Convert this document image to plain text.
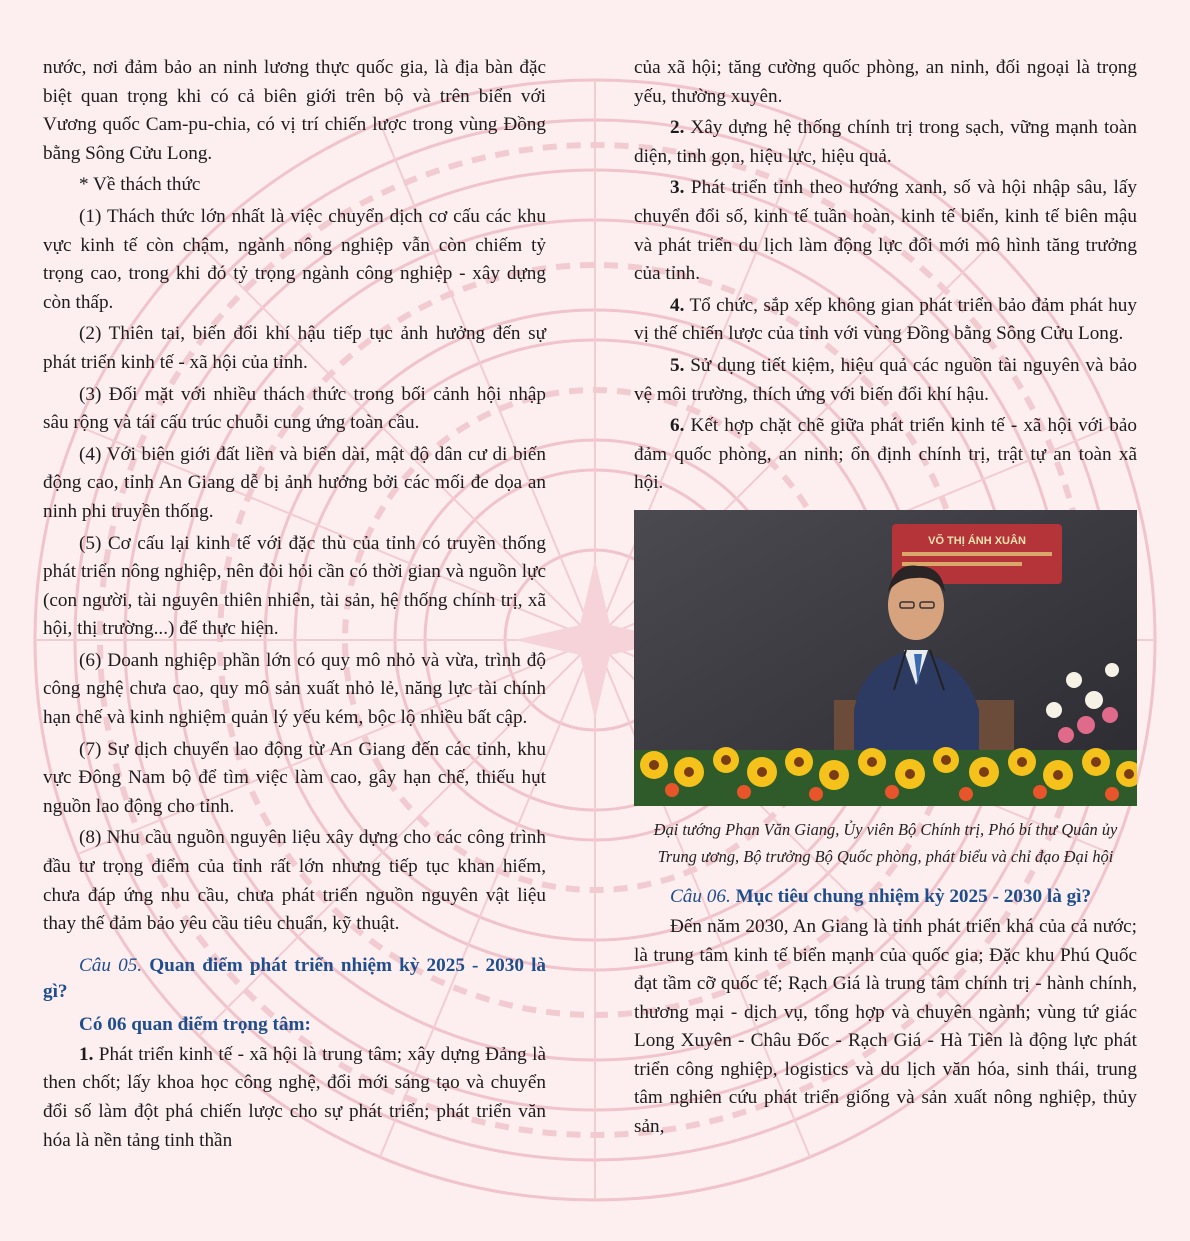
nước, nơi đảm bảo an ninh lương thực quốc gia, là địa bàn đặc biệt quan trọng khi có cả biên giới trên bộ và trên biển với Vương quốc Cam-pu-chia, có vị trí chiến lược trong vùng Đồng bằng Sông Cửu Long.

* Về thách thức

(1) Thách thức lớn nhất là việc chuyển dịch cơ cấu các khu vực kinh tế còn chậm, ngành nông nghiệp vẫn còn chiếm tỷ trọng cao, trong khi đó tỷ trọng ngành công nghiệp - xây dựng còn thấp.

(2) Thiên tai, biến đổi khí hậu tiếp tục ảnh hưởng đến sự phát triển kinh tế - xã hội của tỉnh.

(3) Đối mặt với nhiều thách thức trong bối cảnh hội nhập sâu rộng và tái cấu trúc chuỗi cung ứng toàn cầu.

(4) Với biên giới đất liền và biển dài, mật độ dân cư di biến động cao, tỉnh An Giang dễ bị ảnh hưởng bởi các mối đe dọa an ninh phi truyền thống.

(5) Cơ cấu lại kinh tế với đặc thù của tỉnh có truyền thống phát triển nông nghiệp, nên đòi hỏi cần có thời gian và nguồn lực (con người, tài nguyên thiên nhiên, tài sản, hệ thống chính trị, xã hội, thị trường...) để thực hiện.

(6) Doanh nghiệp phần lớn có quy mô nhỏ và vừa, trình độ công nghệ chưa cao, quy mô sản xuất nhỏ lẻ, năng lực tài chính hạn chế và kinh nghiệm quản lý yếu kém, bộc lộ nhiều bất cập.

(7) Sự dịch chuyển lao động từ An Giang đến các tỉnh, khu vực Đông Nam bộ để tìm việc làm cao, gây hạn chế, thiếu hụt nguồn lao động cho tỉnh.

(8) Nhu cầu nguồn nguyên liệu xây dựng cho các công trình đầu tư trọng điểm của tỉnh rất lớn nhưng tiếp tục khan hiếm, chưa đáp ứng nhu cầu, chưa phát triển nguồn nguyên vật liệu thay thế đảm bảo yêu cầu tiêu chuẩn, kỹ thuật.

Câu 05. Quan điểm phát triển nhiệm kỳ 2025 - 2030 là gì?

Có 06 quan điểm trọng tâm:

1. Phát triển kinh tế - xã hội là trung tâm; xây dựng Đảng là then chốt; lấy khoa học công nghệ, đổi mới sáng tạo và chuyển đổi số làm đột phá chiến lược cho sự phát triển; phát triển văn hóa là nền tảng tinh thần

của xã hội; tăng cường quốc phòng, an ninh, đối ngoại là trọng yếu, thường xuyên.

2. Xây dựng hệ thống chính trị trong sạch, vững mạnh toàn diện, tinh gọn, hiệu lực, hiệu quả.

3. Phát triển tỉnh theo hướng xanh, số và hội nhập sâu, lấy chuyển đổi số, kinh tế tuần hoàn, kinh tế biển, kinh tế biên mậu và phát triển du lịch làm động lực đổi mới mô hình tăng trưởng của tỉnh.

4. Tổ chức, sắp xếp không gian phát triển bảo đảm phát huy vị thế chiến lược của tỉnh với vùng Đồng bằng Sông Cửu Long.

5. Sử dụng tiết kiệm, hiệu quả các nguồn tài nguyên và bảo vệ môi trường, thích ứng với biến đổi khí hậu.

6. Kết hợp chặt chẽ giữa phát triển kinh tế - xã hội với bảo đảm quốc phòng, an ninh; ổn định chính trị, trật tự an toàn xã hội.

VÕ THỊ ÁNH XUÂN

Đại tướng Phan Văn Giang, Ủy viên Bộ Chính trị, Phó bí thư Quân ủy Trung ương, Bộ trưởng Bộ Quốc phòng, phát biểu và chỉ đạo Đại hội

Câu 06. Mục tiêu chung nhiệm kỳ 2025 - 2030 là gì?

Đến năm 2030, An Giang là tỉnh phát triển khá của cả nước; là trung tâm kinh tế biển mạnh của quốc gia; Đặc khu Phú Quốc đạt tầm cỡ quốc tế; Rạch Giá là trung tâm chính trị - hành chính, thương mại - dịch vụ, tổng hợp và chuyên ngành; vùng tứ giác Long Xuyên - Châu Đốc - Rạch Giá - Hà Tiên là động lực phát triển công nghiệp, logistics và du lịch văn hóa, sinh thái, trung tâm nghiên cứu phát triển giống và sản xuất nông nghiệp, thủy sản,
